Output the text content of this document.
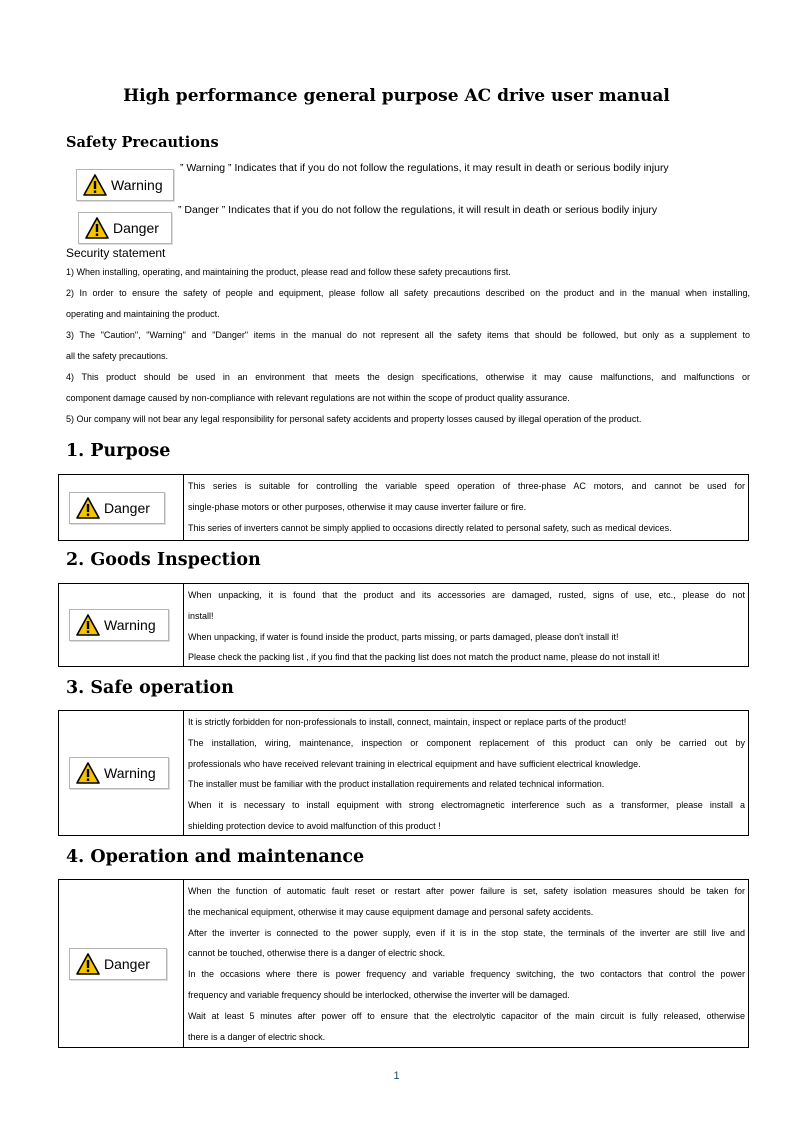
High performance general purpose AC drive user manual
Safety Precautions
Warning
” Warning ” Indicates that if you do not follow the regulations, it may result in death or serious bodily injury
Danger
” Danger ” Indicates that if you do not follow the regulations, it will result in death or serious bodily injury
Security statement

1) When installing, operating, and maintaining the product, please read and follow these safety precautions first.

2) In order to ensure the safety of people and equipment, please follow all safety precautions described on the product and in the manual when installing,

operating and maintaining the product.

3) The "Caution", "Warning" and "Danger" items in the manual do not represent all the safety items that should be followed, but only as a supplement to

all the safety precautions.

4) This product should be used in an environment that meets the design specifications, otherwise it may cause malfunctions, and malfunctions or

component damage caused by non-compliance with relevant regulations are not within the scope of product quality assurance.

5) Our company will not bear any legal responsibility for personal safety accidents and property losses caused by illegal operation of the product.

1. Purpose
Danger

This series is suitable for controlling the variable speed operation of three-phase AC motors, and cannot be used for

single-phase motors or other purposes, otherwise it may cause inverter failure or fire.

This series of inverters cannot be simply applied to occasions directly related to personal safety, such as medical devices.

2. Goods Inspection
Warning

When unpacking, it is found that the product and its accessories are damaged, rusted, signs of use, etc., please do not

install!

When unpacking, if water is found inside the product, parts missing, or parts damaged, please don't install it!

Please check the packing list , if you find that the packing list does not match the product name, please do not install it!

3. Safe operation
Warning

It is strictly forbidden for non-professionals to install, connect, maintain, inspect or replace parts of the product!

The installation, wiring, maintenance, inspection or component replacement of this product can only be carried out by

professionals who have received relevant training in electrical equipment and have sufficient electrical knowledge.

The installer must be familiar with the product installation requirements and related technical information.

When it is necessary to install equipment with strong electromagnetic interference such as a transformer, please install a

shielding protection device to avoid malfunction of this product !

4. Operation and maintenance
Danger

When the function of automatic fault reset or restart after power failure is set, safety isolation measures should be taken for

the mechanical equipment, otherwise it may cause equipment damage and personal safety accidents.

After the inverter is connected to the power supply, even if it is in the stop state, the terminals of the inverter are still live and

cannot be touched, otherwise there is a danger of electric shock.

In the occasions where there is power frequency and variable frequency switching, the two contactors that control the power

frequency and variable frequency should be interlocked, otherwise the inverter will be damaged.

Wait at least 5 minutes after power off to ensure that the electrolytic capacitor of the main circuit is fully released, otherwise

there is a danger of electric shock.

1
